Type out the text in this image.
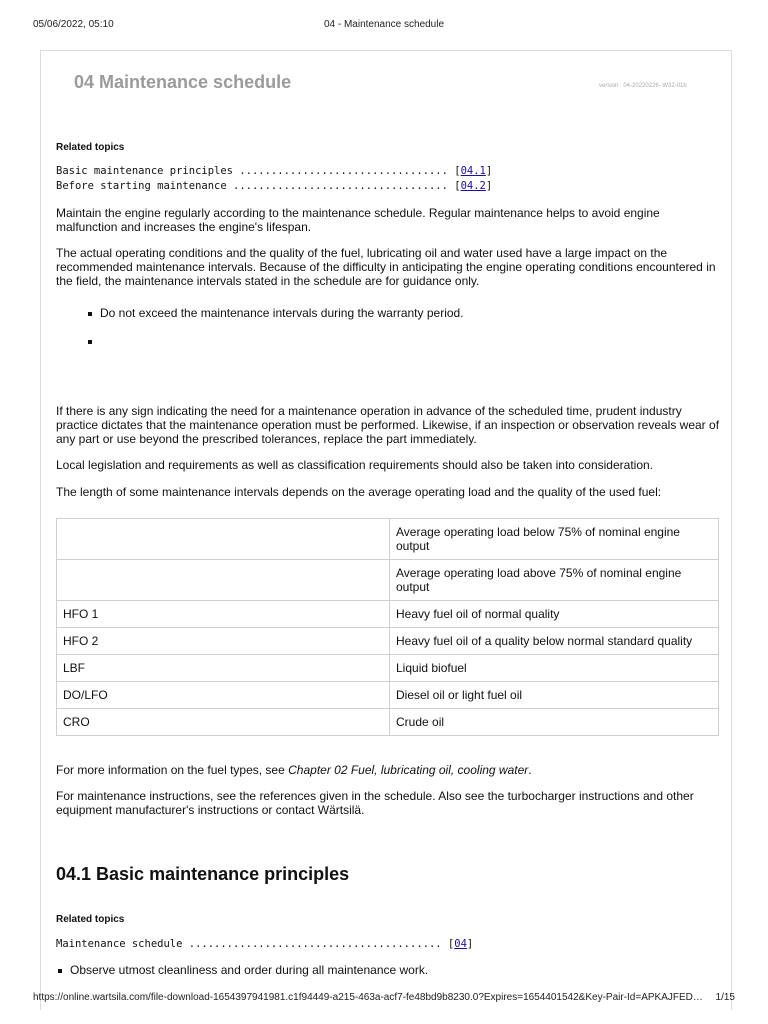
05/06/2022, 05:10	04 - Maintenance schedule
04 Maintenance schedule	version : 04-20220226- W32-01b
Related topics
Basic maintenance principles ................................. [04.1]
Before starting maintenance .................................. [04.2]

Maintain the engine regularly according to the maintenance schedule. Regular maintenance helps to avoid engine malfunction and increases the engine's lifespan.

The actual operating conditions and the quality of the fuel, lubricating oil and water used have a large impact on the recommended maintenance intervals. Because of the difficulty in anticipating the engine operating conditions encountered in the field, the maintenance intervals stated in the schedule are for guidance only.

Do not exceed the maintenance intervals during the warranty period.

If there is any sign indicating the need for a maintenance operation in advance of the scheduled time, prudent industry practice dictates that the maintenance operation must be performed. Likewise, if an inspection or observation reveals wear of any part or use beyond the prescribed tolerances, replace the part immediately.

Local legislation and requirements as well as classification requirements should also be taken into consideration.

The length of some maintenance intervals depends on the average operating load and the quality of the used fuel:

	Average operating load below 75% of nominal engine output
	Average operating load above 75% of nominal engine output
HFO 1	Heavy fuel oil of normal quality
HFO 2	Heavy fuel oil of a quality below normal standard quality
LBF	Liquid biofuel
DO/LFO	Diesel oil or light fuel oil
CRO	Crude oil

For more information on the fuel types, see Chapter 02 Fuel, lubricating oil, cooling water.

For maintenance instructions, see the references given in the schedule. Also see the turbocharger instructions and other equipment manufacturer's instructions or contact Wärtsilä.

04.1 Basic maintenance principles
Related topics
Maintenance schedule ........................................ [04]
Observe utmost cleanliness and order during all maintenance work.
https://online.wartsila.com/file-download-1654397941981.c1f94449-a215-463a-acf7-fe48bd9b8230.0?Expires=1654401542&Key-Pair-Id=APKAJFED…	1/15
